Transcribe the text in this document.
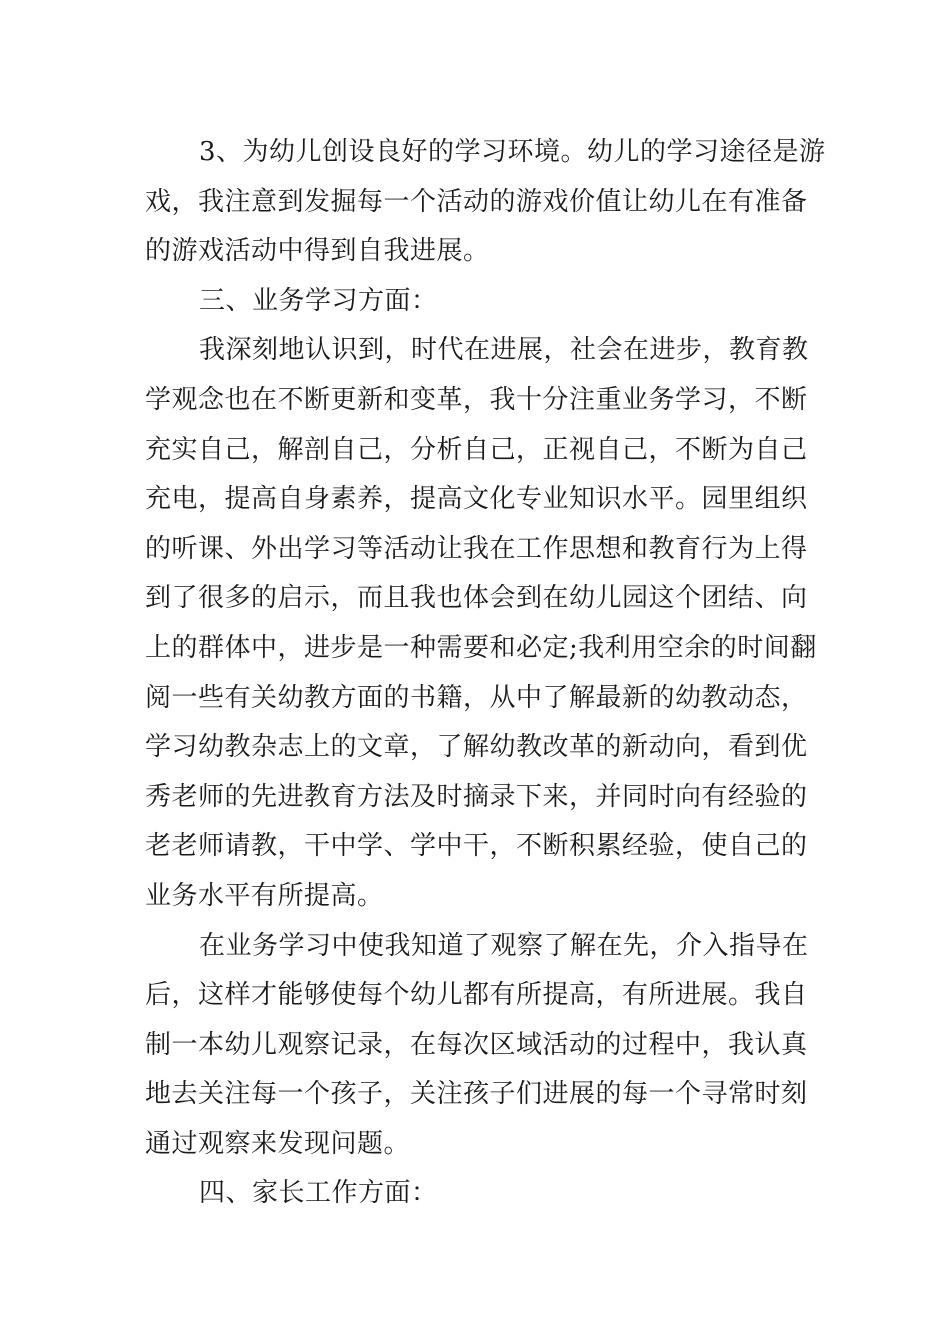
3、为幼儿创设良好的学习环境。幼儿的学习途径是游
戏，我注意到发掘每一个活动的游戏价值让幼儿在有准备
的游戏活动中得到自我进展。
三、业务学习方面：
我深刻地认识到，时代在进展，社会在进步，教育教
学观念也在不断更新和变革，我十分注重业务学习，不断
充实自己，解剖自己，分析自己，正视自己，不断为自己
充电，提高自身素养，提高文化专业知识水平。园里组织
的听课、外出学习等活动让我在工作思想和教育行为上得
到了很多的启示，而且我也体会到在幼儿园这个团结、向
上的群体中，进步是一种需要和必定;我利用空余的时间翻
阅一些有关幼教方面的书籍，从中了解最新的幼教动态，
学习幼教杂志上的文章，了解幼教改革的新动向，看到优
秀老师的先进教育方法及时摘录下来，并同时向有经验的
老老师请教，干中学、学中干，不断积累经验，使自己的
业务水平有所提高。
在业务学习中使我知道了观察了解在先，介入指导在
后，这样才能够使每个幼儿都有所提高，有所进展。我自
制一本幼儿观察记录，在每次区域活动的过程中，我认真
地去关注每一个孩子，关注孩子们进展的每一个寻常时刻
通过观察来发现问题。
四、家长工作方面：
